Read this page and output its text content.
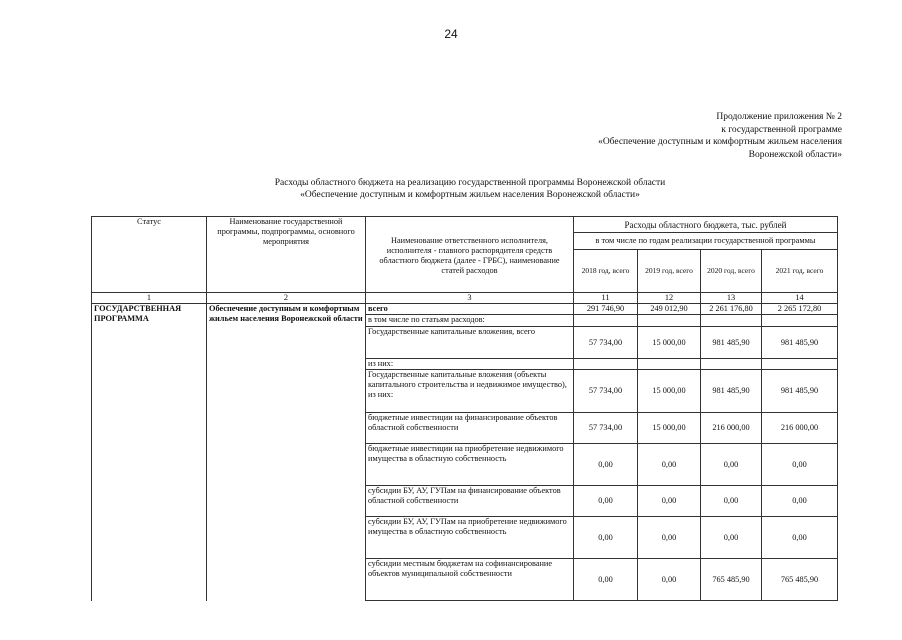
24
Продолжение приложения № 2
к государственной программе
«Обеспечение доступным и комфортным жильем населения
Воронежской области»
Расходы областного бюджета на реализацию государственной программы Воронежской области
«Обеспечение доступным и комфортным жильем населения Воронежской области»
Статус	Наименование государственной программы, подпрограммы, основного мероприятия	Наименование ответственного исполнителя, исполнителя - главного распорядителя средств областного бюджета (далее - ГРБС), наименование статей расходов	Расходы областного бюджета, тыс. рублей			
			в том числе по годам реализации государственной программы			
			2018 год, всего	2019 год, всего	2020 год, всего	2021 год, всего
1	2	3	11	12	13	14
ГОСУДАРСТВЕННАЯ ПРОГРАММА	Обеспечение доступным и комфортным жильем населения Воронежской области	всего	291 746,90	249 012,90	2 261 176,80	2 265 172,80
		в том числе по статьям расходов:				
		Государственные капитальные вложения, всего	57 734,00	15 000,00	981 485,90	981 485,90
		из них:				
		Государственные капитальные вложения (объекты капитального строительства и недвижимое имущество), из них:	57 734,00	15 000,00	981 485,90	981 485,90
		бюджетные инвестиции на финансирование объектов областной собственности	57 734,00	15 000,00	216 000,00	216 000,00
		бюджетные инвестиции на приобретение недвижимого имущества в областную собственность	0,00	0,00	0,00	0,00
		субсидии БУ, АУ, ГУПам на финансирование объектов областной собственности	0,00	0,00	0,00	0,00
		субсидии БУ, АУ, ГУПам на приобретение недвижимого имущества в областную собственность	0,00	0,00	0,00	0,00
		субсидии местным бюджетам на софинансирование объектов муниципальной собственности	0,00	0,00	765 485,90	765 485,90
